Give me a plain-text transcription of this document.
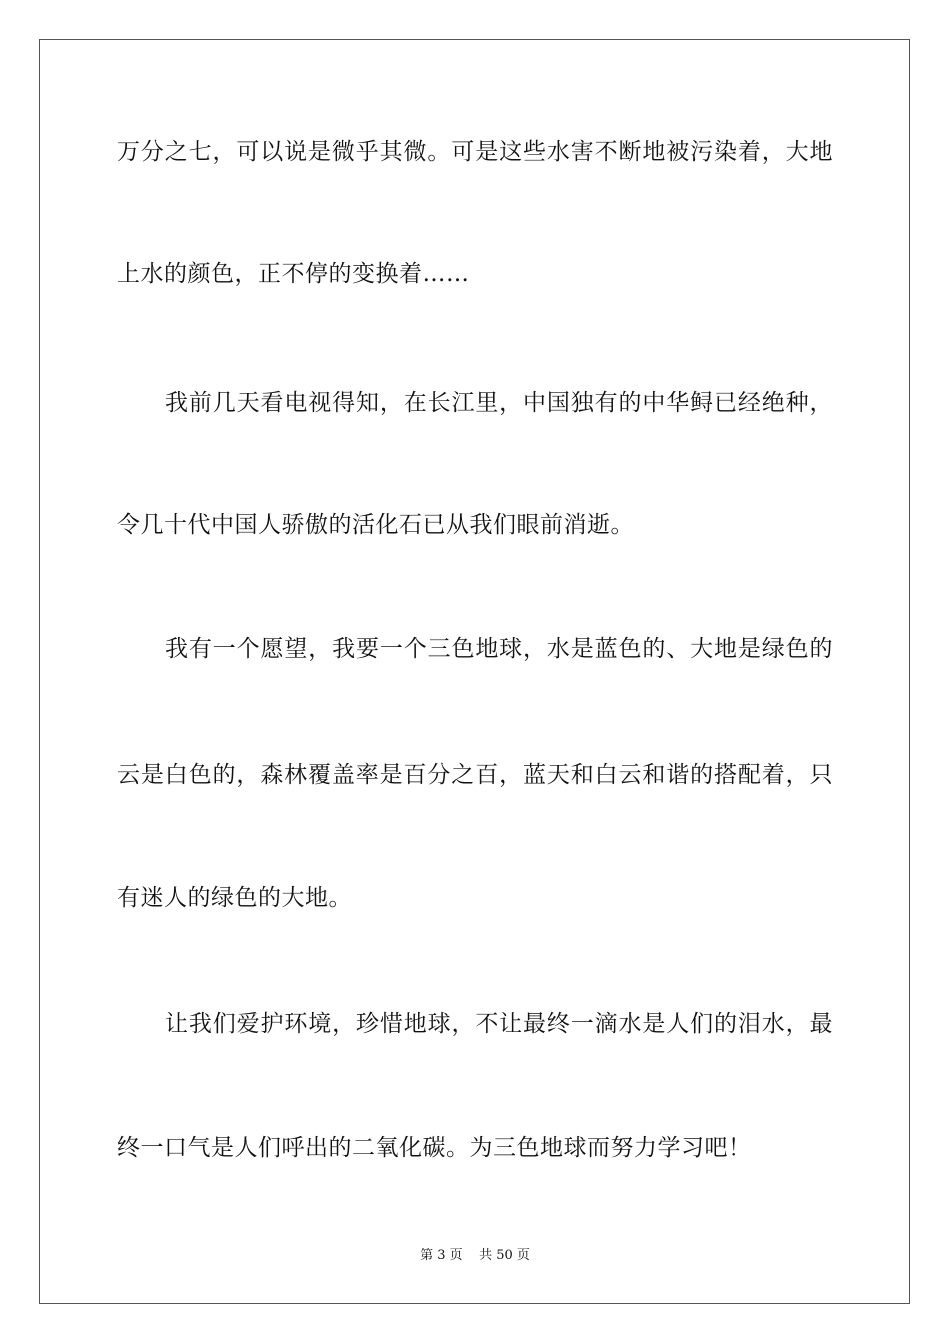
万分之七，可以说是微乎其微。可是这些水害不断地被污染着，大地
上水的颜色，正不停的变换着……
我前几天看电视得知，在长江里，中国独有的中华鲟已经绝种，
令几十代中国人骄傲的活化石已从我们眼前消逝。
我有一个愿望，我要一个三色地球，水是蓝色的、大地是绿色的
云是白色的，森林覆盖率是百分之百，蓝天和白云和谐的搭配着，只
有迷人的绿色的大地。
让我们爱护环境，珍惜地球，不让最终一滴水是人们的泪水，最
终一口气是人们呼出的二氧化碳。为三色地球而努力学习吧！
第 3 页    共 50 页
